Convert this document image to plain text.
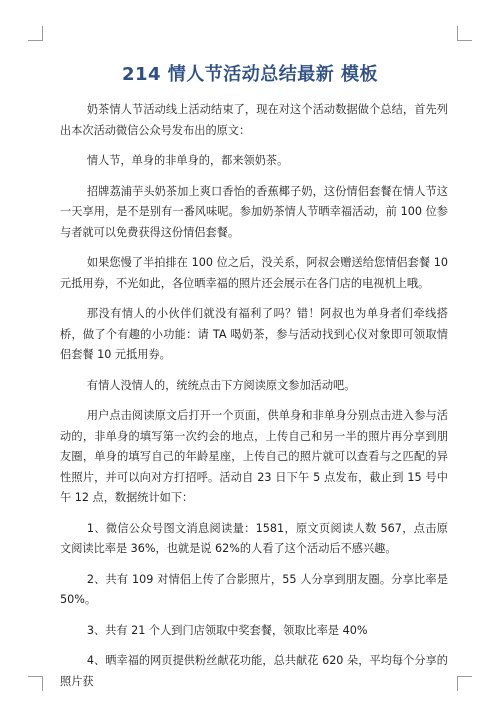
214 情人节活动总结最新 模板

奶茶情人节活动线上活动结束了，现在对这个活动数据做个总结，首先列出本次活动微信公众号发布出的原文：

情人节，单身的非单身的，都来领奶茶。

招牌荔浦芋头奶茶加上爽口香怡的香蕉椰子奶，这份情侣套餐在情人节这一天享用，是不是别有一番风味呢。参加奶茶情人节晒幸福活动，前 100 位参与者就可以免费获得这份情侣套餐。

如果您慢了半拍排在 100 位之后，没关系，阿叔会赠送给您情侣套餐 10 元抵用券，不光如此，各位晒幸福的照片还会展示在各门店的电视机上哦。

那没有情人的小伙伴们就没有福利了吗？错！阿叔也为单身者们牵线搭桥，做了个有趣的小功能：请 TA 喝奶茶，参与活动找到心仪对象即可领取情侣套餐 10 元抵用券。

有情人没情人的，统统点击下方阅读原文参加活动吧。

用户点击阅读原文后打开一个页面，供单身和非单身分别点击进入参与活动的，非单身的填写第一次约会的地点，上传自己和另一半的照片再分享到朋友圈，单身的填写自己的年龄星座，上传自己的照片就可以查看与之匹配的异性照片，并可以向对方打招呼。活动自 23 日下午 5 点发布，截止到 15 号中午 12 点，数据统计如下：

1、微信公众号图文消息阅读量：1581，原文页阅读人数 567，点击原文阅读比率是 36%，也就是说 62%的人看了这个活动后不感兴趣。

2、共有 109 对情侣上传了合影照片，55 人分享到朋友圈。分享比率是 50%。

3、共有 21 个人到门店领取中奖套餐，领取比率是 40%

4、晒幸福的网页提供粉丝献花功能，总共献花 620 朵，平均每个分享的照片获
